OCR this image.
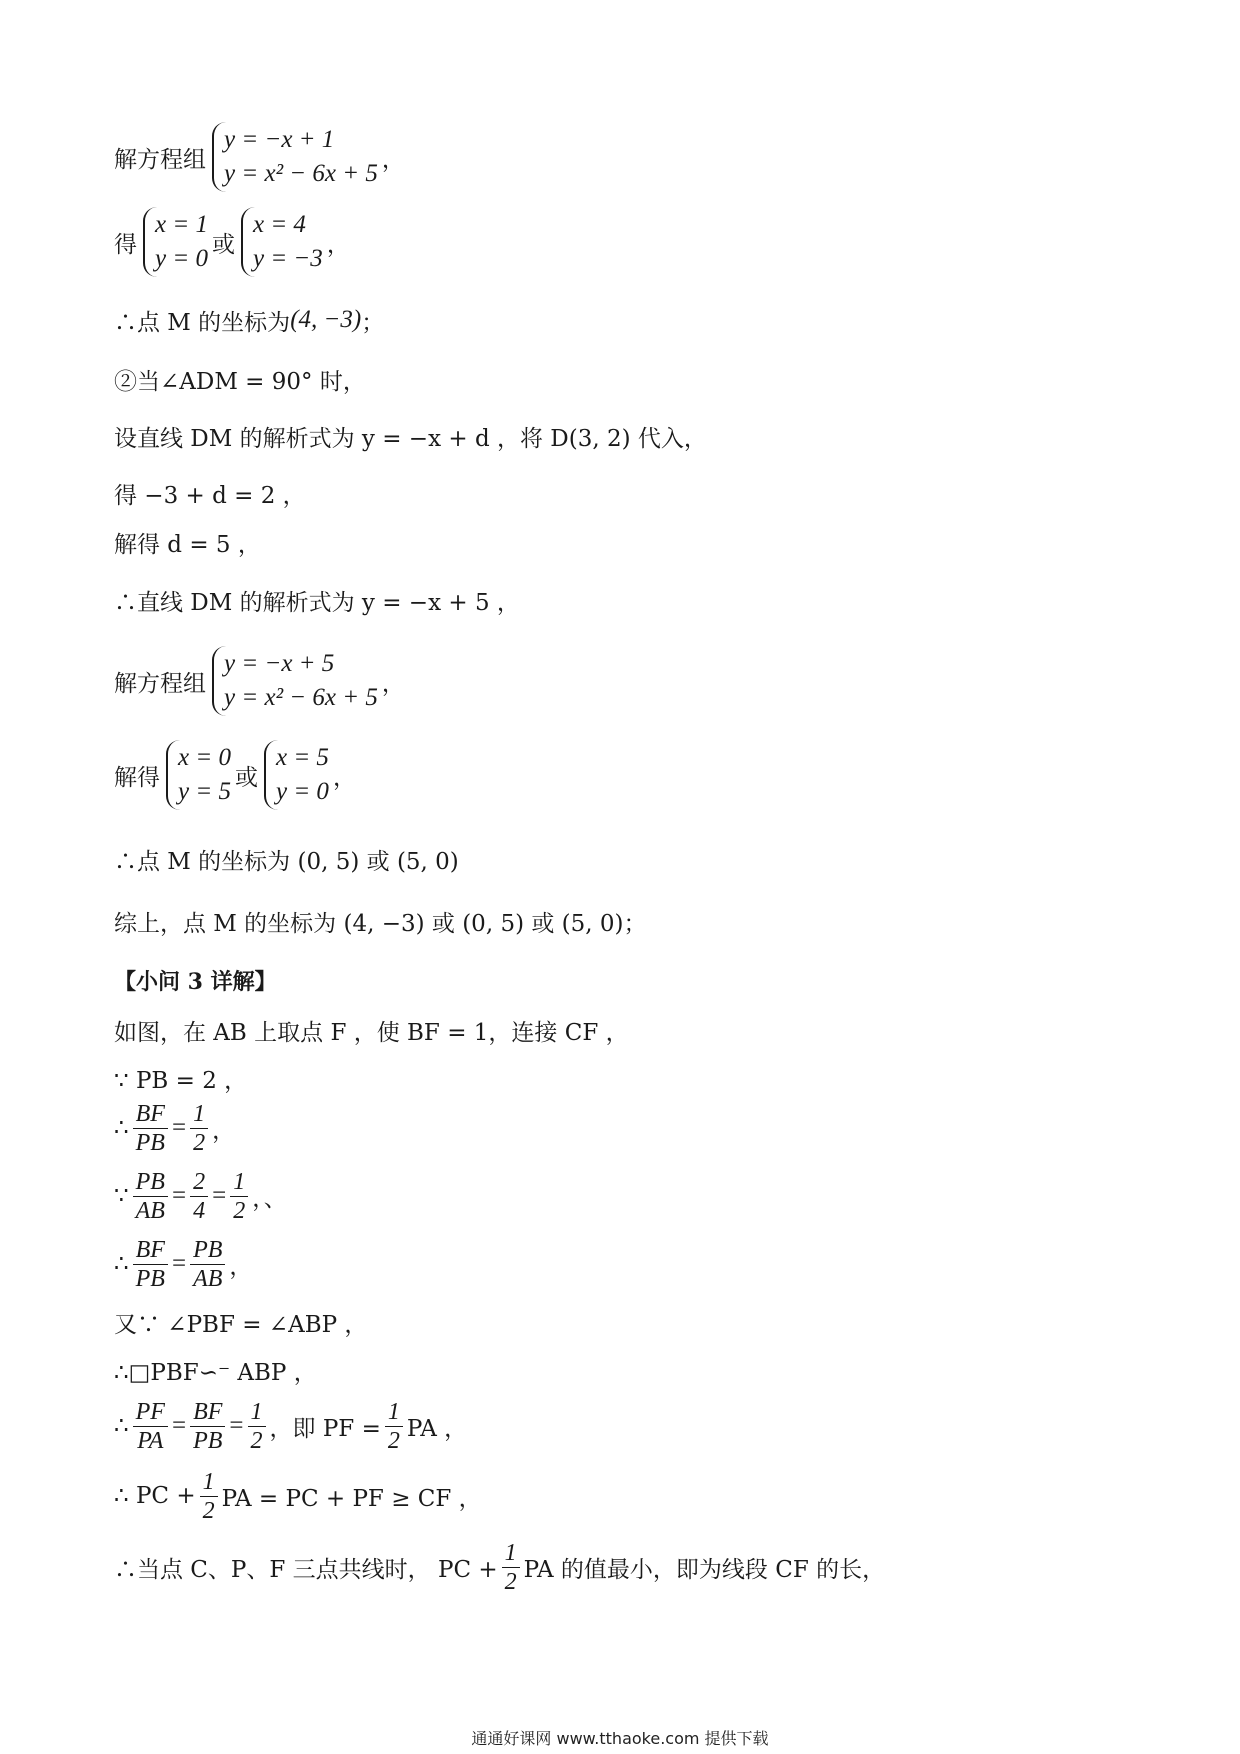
解方程组
y = −x + 1
y = x² − 6x + 5
，
得
x = 1
y = 0
或
x = 4
y = −3
，
∴点 M 的坐标为 (4, −3) ；
②当∠ADM = 90° 时，
设直线 DM 的解析式为 y = −x + d ，将 D(3, 2) 代入，
得 −3 + d = 2 ，
解得 d = 5 ，
∴直线 DM 的解析式为 y = −x + 5 ，
解方程组
y = −x + 5
y = x² − 6x + 5
，
解得
x = 0
y = 5
或
x = 5
y = 0
，
∴点 M 的坐标为 (0, 5) 或 (5, 0)
综上，点 M 的坐标为 (4, −3) 或 (0, 5) 或 (5, 0)；
【小问 3 详解】
如图，在 AB 上取点 F ，使 BF = 1，连接 CF ，
∵ PB = 2 ，
∴ $\frac{BF}{PB} = \frac{1}{2}$ ，
∵ $\frac{PB}{AB} = \frac{2}{4} = \frac{1}{2}$ ，、
∴ $\frac{BF}{PB} = \frac{PB}{AB}$ ，
又∵ ∠PBF = ∠ABP ，
∴□PBF∽⁻ ABP ，
∴ $\frac{PF}{PA} = \frac{BF}{PB} = \frac{1}{2}$ ，即 PF = $\frac{1}{2}$ PA ，
∴ PC + $\frac{1}{2}$ PA = PC + PF ≥ CF ，
∴当点 C、P、F 三点共线时， PC + $\frac{1}{2}$ PA 的值最小，即为线段 CF 的长，
通通好课网 www.tthaoke.com 提供下载
